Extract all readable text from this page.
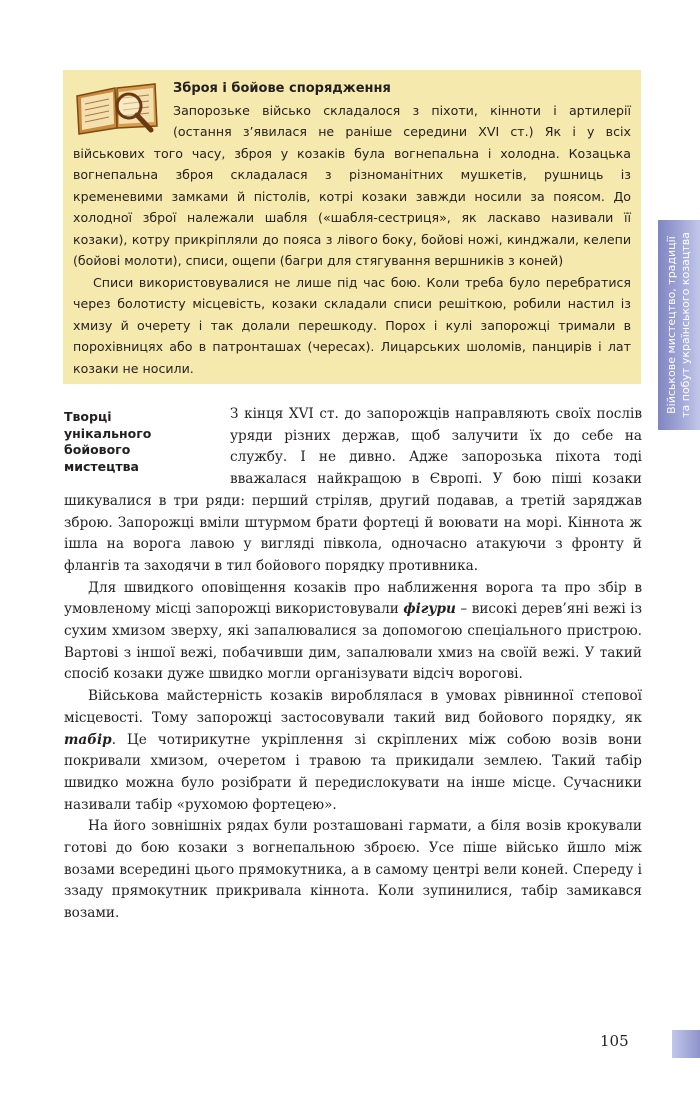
Військове мистецтво, традиції та побут українського козацтва
Зброя і бойове спорядження

Запорозьке військо складалося з піхоти, кінноти і артилерії (остання з’явилася не раніше середини XVI ст.) Як і у всіх військових того часу, зброя у козаків була вогнепальна і холодна. Козацька вогнепальна зброя складалася з різноманітних мушкетів, рушниць із кременевими замками й пістолів, котрі козаки завжди носили за поясом. До холодної зброї належали шабля («шабля-сестриця», як ласкаво називали її козаки), котру прикріпляли до пояса з лівого боку, бойові ножі, кинджали, келепи (бойові молоти), списи, ощепи (багри для стягування вершників з коней)

Списи використовувалися не лише під час бою. Коли треба було перебратися через болотисту місцевість, козаки складали списи решіткою, робили настил із хмизу й очерету і так долали перешкоду. Порох і кулі запорожці тримали в порохівницях або в патронташах (чересах). Лицарських шоломів, панцирів і лат козаки не носили.

Творці унікального бойового мистецтва

З кінця XVI ст. до запорожців направляють своїх послів уряди різних держав, щоб залучити їх до себе на службу. І не дивно. Адже запорозька піхота тоді вважалася найкращою в Європі. У бою піші козаки шикувалися в три ряди: перший стріляв, другий подавав, а третій заряджав зброю. Запорожці вміли штурмом брати фортеці й воювати на морі. Кіннота ж ішла на ворога лавою у вигляді півкола, одночасно атакуючи з фронту й флангів та заходячи в тил бойового порядку противника.

Для швидкого оповіщення козаків про наближення ворога та про збір в умовленому місці запорожці використовували фігури – високі дерев’яні вежі із сухим хмизом зверху, які запалювалися за допомогою спеціального пристрою. Вартові з іншої вежі, побачивши дим, запалювали хмиз на своїй вежі. У такий спосіб козаки дуже швидко могли організувати відсіч ворогові.

Військова майстерність козаків вироблялася в умовах рівнинної степової місцевості. Тому запорожці застосовували такий вид бойового порядку, як табір. Це чотирикутне укріплення зі скріплених між собою возів вони покривали хмизом, очеретом і травою та прикидали землею. Такий табір швидко можна було розібрати й передислокувати на інше місце. Сучасники називали табір «рухомою фортецею».

На його зовнішніх рядах були розташовані гармати, а біля возів крокували готові до бою козаки з вогнепальною зброєю. Усе піше військо йшло між возами всередині цього прямокутника, а в самому центрі вели коней. Спереду і ззаду прямокутник прикривала кіннота. Коли зупинилися, табір замикався возами.

105
